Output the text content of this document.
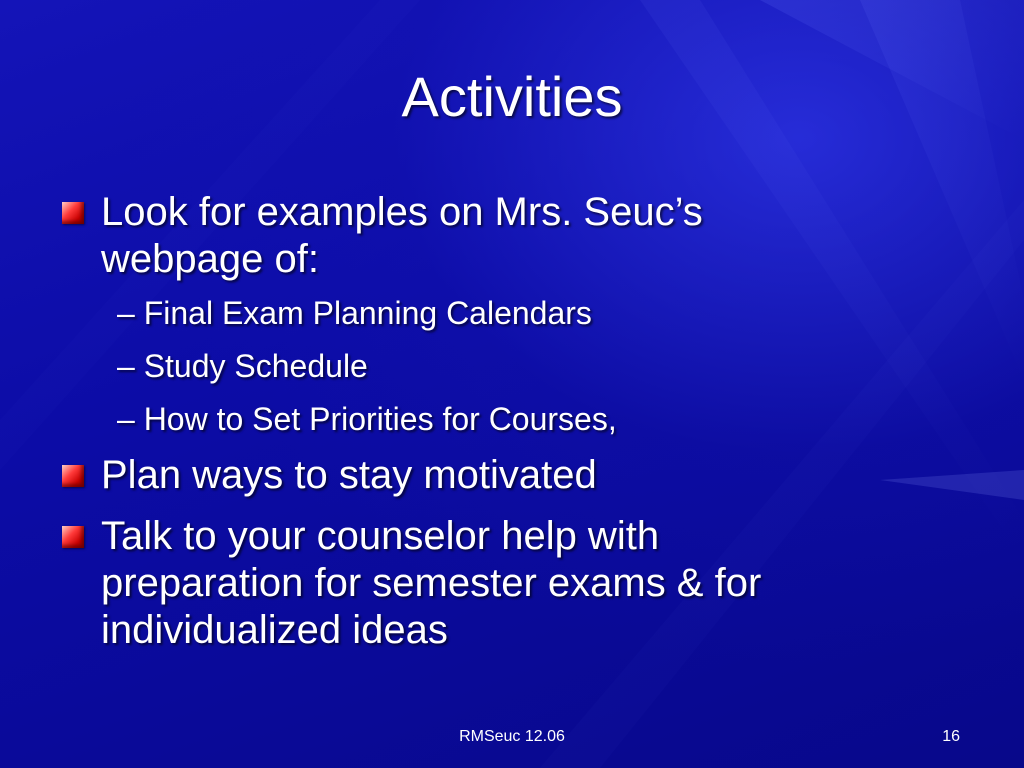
Activities
Look for examples on Mrs. Seuc’s
webpage of:
– Final Exam Planning Calendars
– Study Schedule
– How to Set Priorities for Courses,
Plan ways to stay motivated
Talk to your counselor help with
preparation for semester exams & for
individualized ideas
RMSeuc 12.06	16
